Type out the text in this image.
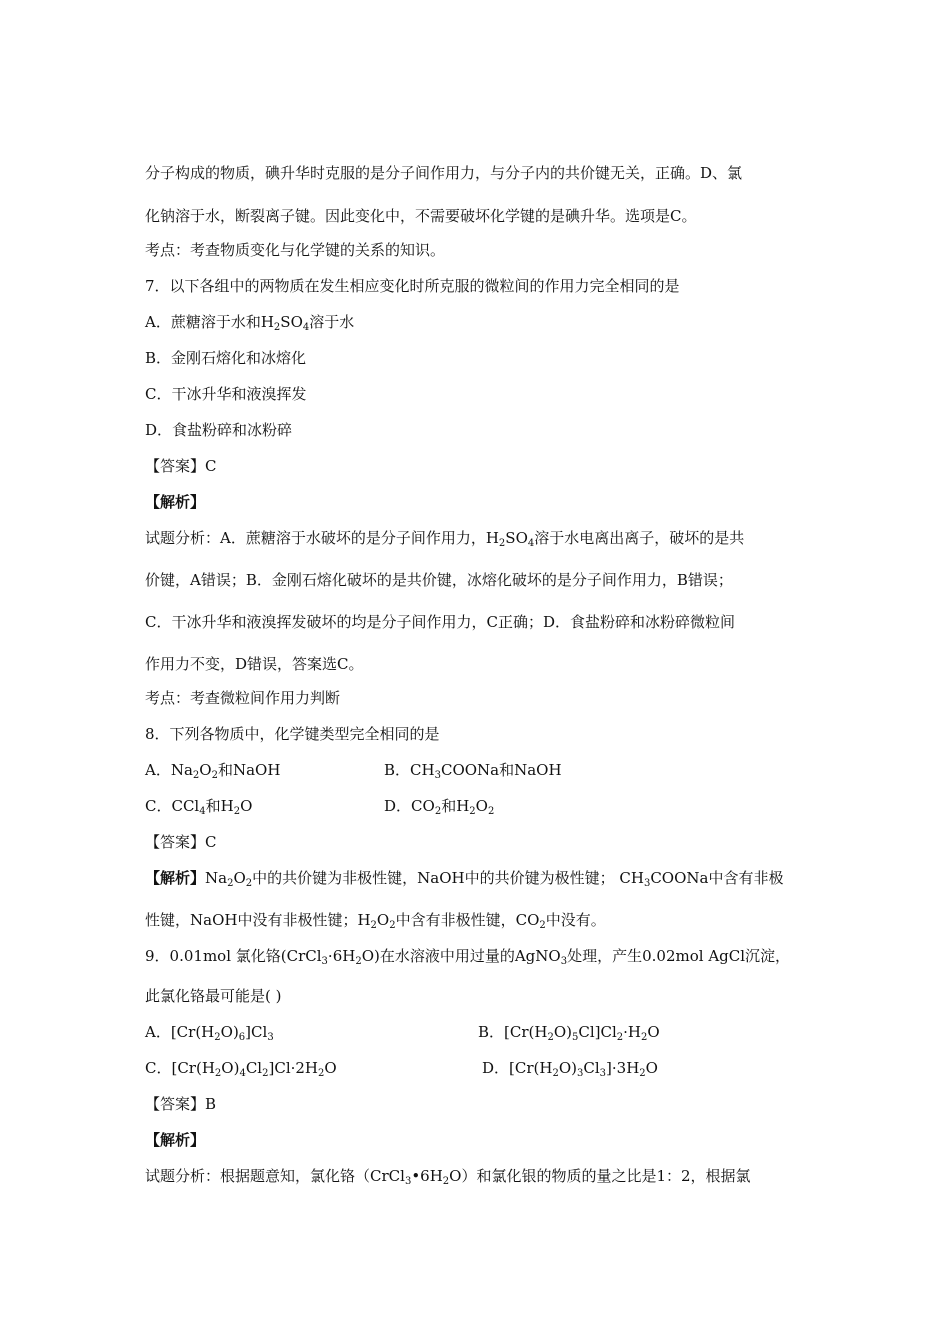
分子构成的物质，碘升华时克服的是分子间作用力，与分子内的共价键无关，正确。D、氯
化钠溶于水，断裂离子键。因此变化中，不需要破坏化学键的是碘升华。选项是C。
考点：考查物质变化与化学键的关系的知识。
7．以下各组中的两物质在发生相应变化时所克服的微粒间的作用力完全相同的是
A．蔗糖溶于水和$H_2SO_4$溶于水
B．金刚石熔化和冰熔化
C．干冰升华和液溴挥发
D．食盐粉碎和冰粉碎
【答案】C
【解析】
试题分析：A．蔗糖溶于水破坏的是分子间作用力，$H_2SO_4$溶于水电离出离子，破坏的是共
价键，A错误；B．金刚石熔化破坏的是共价键，冰熔化破坏的是分子间作用力，B错误；
C．干冰升华和液溴挥发破坏的均是分子间作用力，C正确；D．食盐粉碎和冰粉碎微粒间
作用力不变，D错误，答案选C。
考点：考查微粒间作用力判断
8．下列各物质中，化学键类型完全相同的是
A．$Na_2O_2$和NaOH	B．$CH_3COONa$和NaOH
C．CCl$_4$和$H_2O$	D．$CO_2$和$H_2O_2$
【答案】C
【解析】$Na_2O_2$中的共价键为非极性键，NaOH中的共价键为极性键； $CH_3COONa$中含有非极
性键，NaOH中没有非极性键；$H_2O_2$中含有非极性键，$CO_2$中没有。
9．0.01mol 氯化铬$(CrCl_3\cdot 6H_2O)$在水溶液中用过量的AgNO$_3$处理，产生0.02mol AgCl沉淀，
此氯化铬最可能是( )
A．$[Cr(H_2O)_6]Cl_3$	B．$[Cr(H_2O)_5Cl]Cl_2\cdot H_2O$
C．$[Cr(H_2O)_4Cl_2]Cl\cdot 2H_2O$	D．$[Cr(H_2O)_3Cl_3]\cdot 3H_2O$
【答案】B
【解析】
试题分析：根据题意知，氯化铬$(CrCl_3•6H_2O)$和氯化银的物质的量之比是1：2，根据氯
